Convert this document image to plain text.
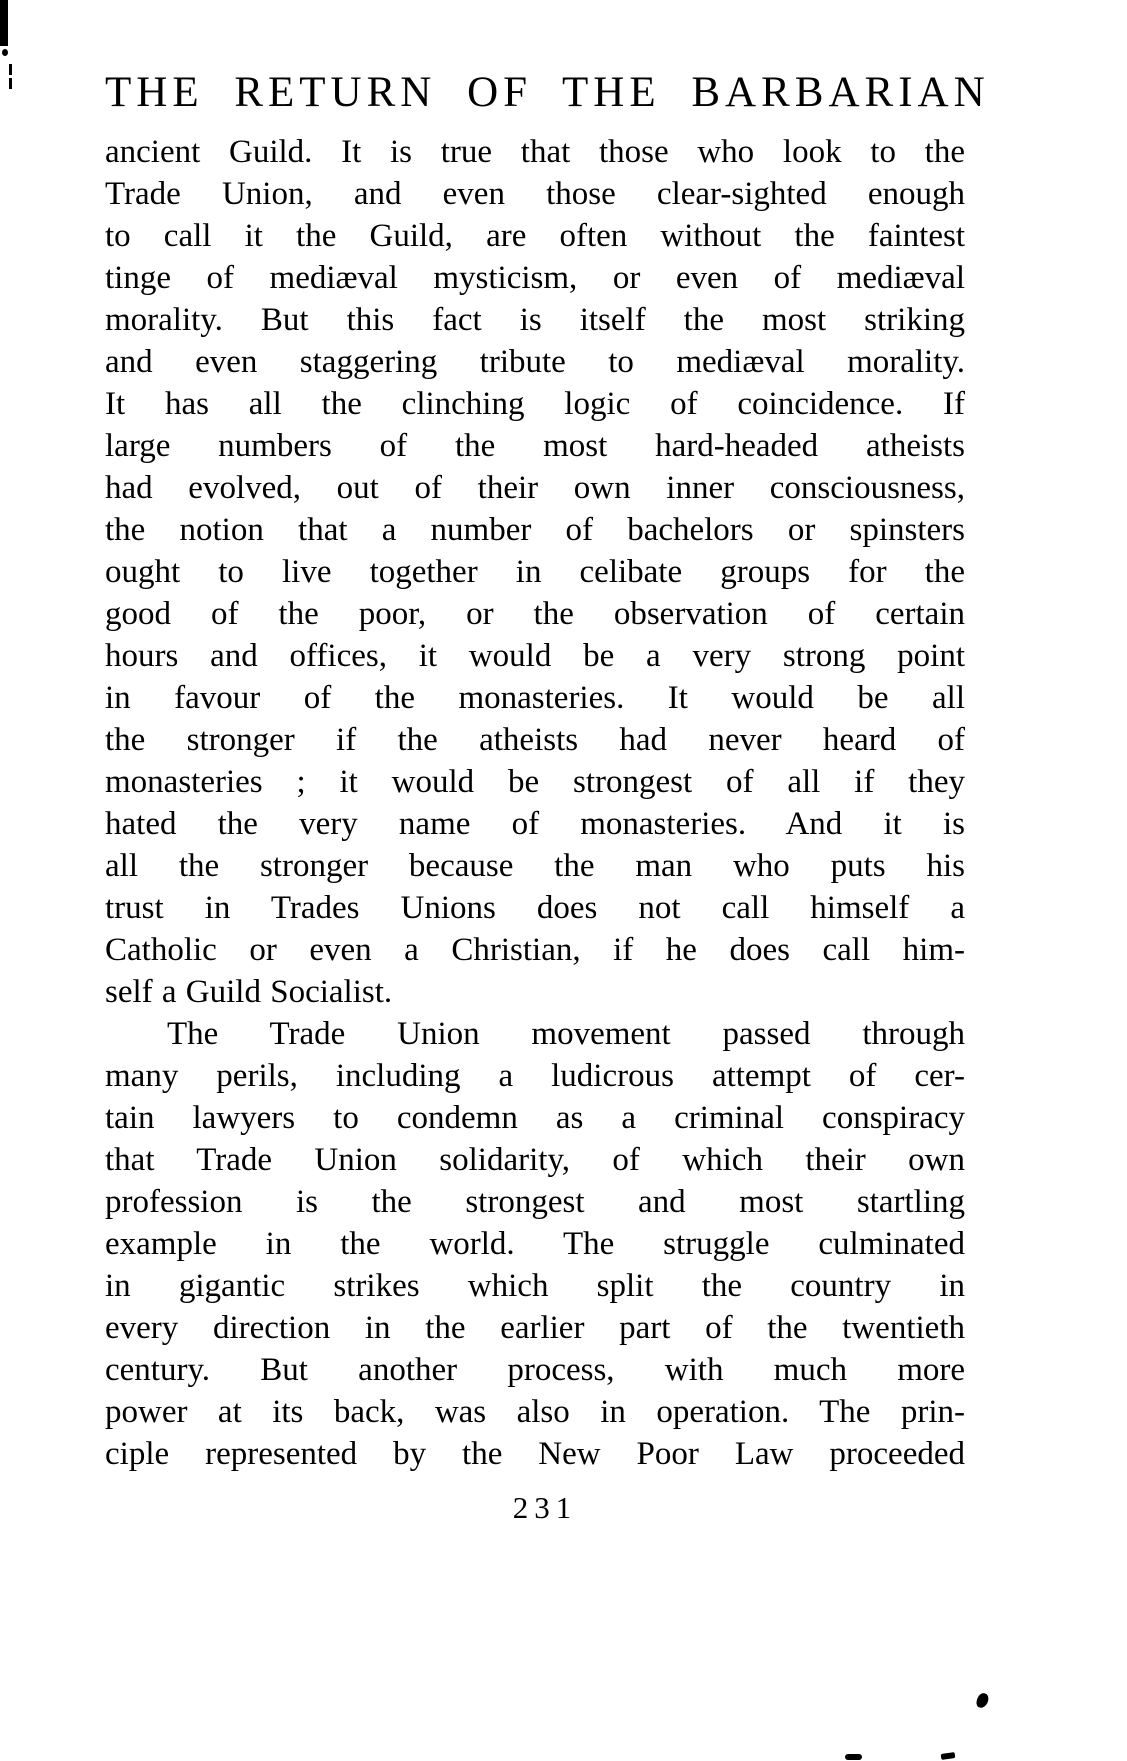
THE RETURN OF THE BARBARIAN
ancient Guild. It is true that those who look to the
Trade Union, and even those clear-sighted enough
to call it the Guild, are often without the faintest
tinge of mediæval mysticism, or even of mediæval
morality. But this fact is itself the most striking
and even staggering tribute to mediæval morality.
It has all the clinching logic of coincidence. If
large numbers of the most hard-headed atheists
had evolved, out of their own inner consciousness,
the notion that a number of bachelors or spinsters
ought to live together in celibate groups for the
good of the poor, or the observation of certain
hours and offices, it would be a very strong point
in favour of the monasteries. It would be all
the stronger if the atheists had never heard of
monasteries ; it would be strongest of all if they
hated the very name of monasteries. And it is
all the stronger because the man who puts his
trust in Trades Unions does not call himself a
Catholic or even a Christian, if he does call him-
self a Guild Socialist.
The Trade Union movement passed through
many perils, including a ludicrous attempt of cer-
tain lawyers to condemn as a criminal conspiracy
that Trade Union solidarity, of which their own
profession is the strongest and most startling
example in the world. The struggle culminated
in gigantic strikes which split the country in
every direction in the earlier part of the twentieth
century. But another process, with much more
power at its back, was also in operation. The prin-
ciple represented by the New Poor Law proceeded
231
